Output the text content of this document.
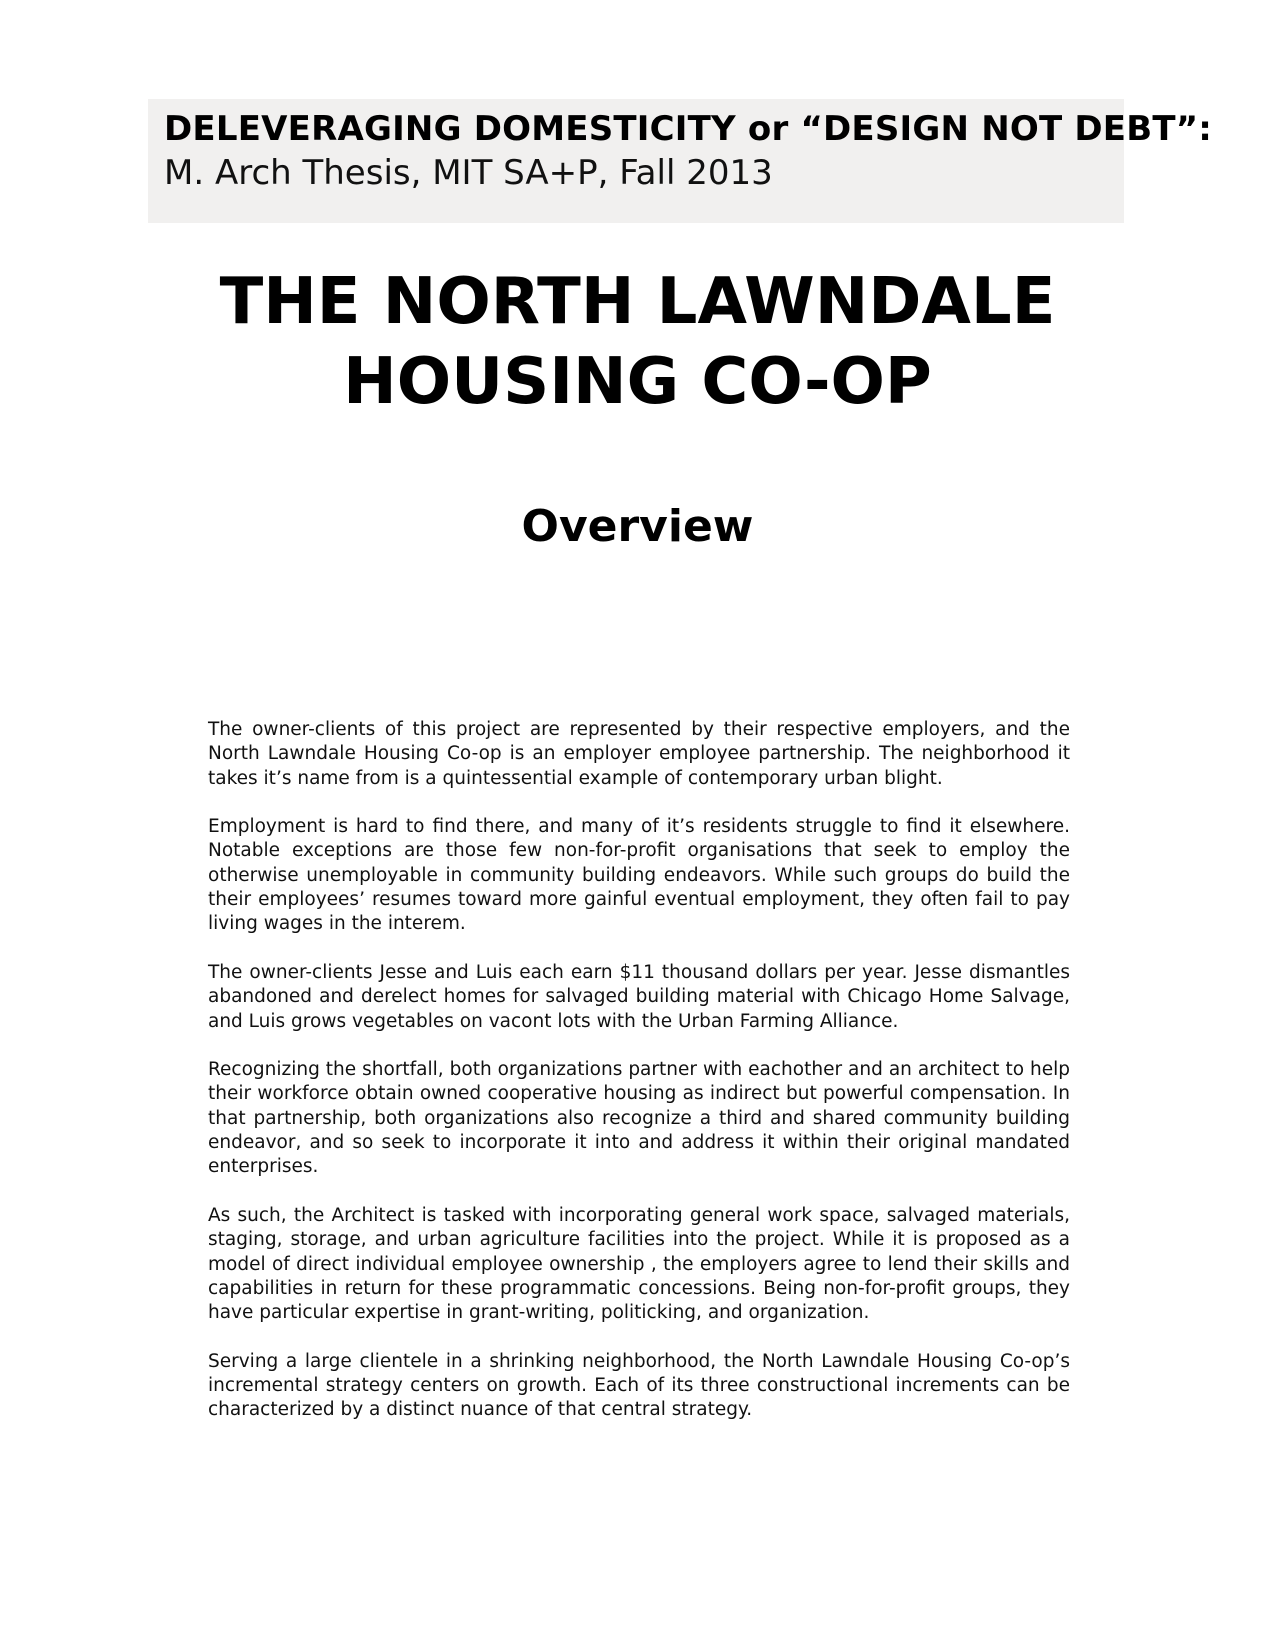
DELEVERAGING DOMESTICITY or “DESIGN NOT DEBT”:
M. Arch Thesis, MIT SA+P, Fall 2013
THE NORTH LAWNDALE
HOUSING CO-OP
Overview

The owner-clients of this project are represented by their respective employers, and the North Lawndale Housing Co-op is an employer employee partnership. The neighborhood it takes it’s name from is a quintessential example of contemporary urban blight.

Employment is hard to find there, and many of it’s residents struggle to find it elsewhere. Notable exceptions are those few non-for-profit organisations that seek to employ the otherwise unemployable in community building endeavors. While such groups do build the their employees’ resumes toward more gainful eventual employment, they often fail to pay living wages in the interem.

The owner-clients Jesse and Luis each earn $11 thousand dollars per year. Jesse dismantles abandoned and derelect homes for salvaged building material with Chicago Home Salvage, and Luis grows vegetables on vacont lots with the Urban Farming Alliance.

Recognizing the shortfall, both organizations partner with eachother and an architect to help their workforce obtain owned cooperative housing as indirect but powerful compensation. In that partnership, both organizations also recognize a third and shared community building endeavor, and so seek to incorporate it into and address it within their original mandated enterprises.

As such, the Architect is tasked with incorporating general work space, salvaged materials, staging, storage, and urban agriculture facilities into the project. While it is proposed as a model of direct individual employee ownership , the employers agree to lend their skills and capabilities in return for these programmatic concessions. Being non-for-profit groups, they have particular expertise in grant-writing, politicking, and organization.

Serving a large clientele in a shrinking neighborhood, the North Lawndale Housing Co-op’s incremental strategy centers on growth. Each of its three constructional increments can be characterized by a distinct nuance of that central strategy.
